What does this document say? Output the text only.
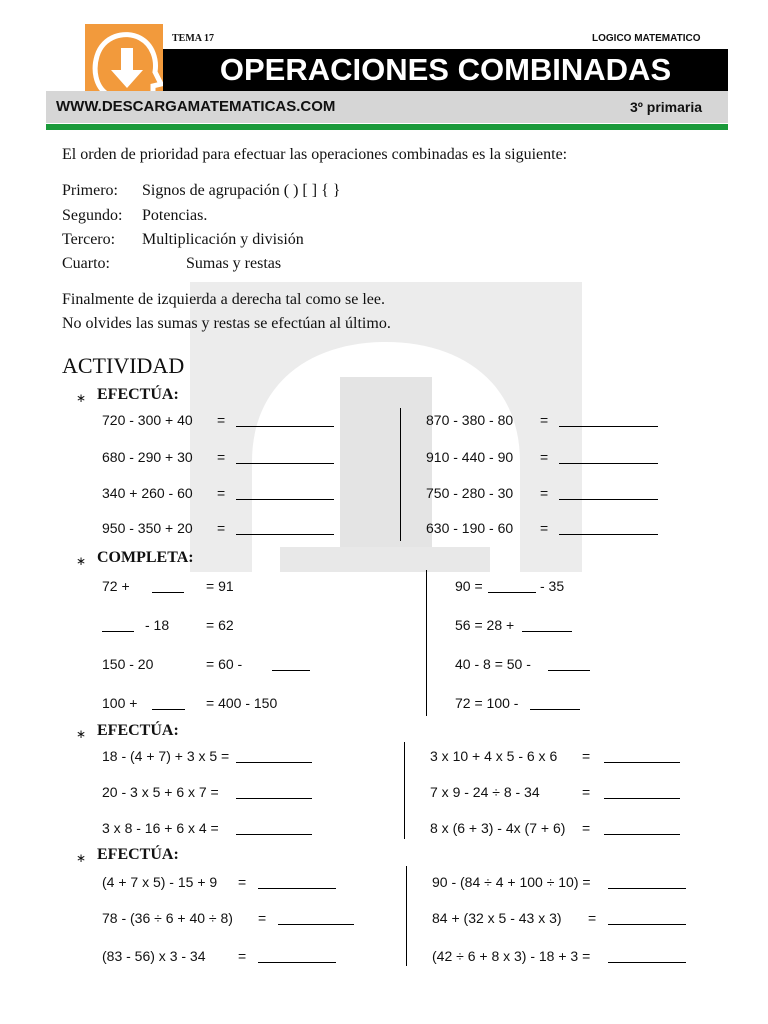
TEMA 17	LOGICO MATEMATICO
OPERACIONES COMBINADAS
WWW.DESCARGAMATEMATICAS.COM	3º primaria
El orden de prioridad para efectuar las operaciones combinadas es la siguiente:
Primero: Signos de agrupación ( ) [ ] { }
Segundo: Potencias.
Tercero: Multiplicación y división
Cuarto:	Sumas y restas
Finalmente de izquierda a derecha tal como se lee.
No olvides las sumas y restas se efectúan al último.
ACTIVIDAD
∗ EFECTÚA:
720 - 300 + 40 =
680 - 290 + 30 =
340 + 260 - 60 =
950 - 350 + 20 =
870 - 380 - 80 =
910 - 440 - 90 =
750 - 280 - 30 =
630 - 190 - 60 =
∗ COMPLETA:
72 +	= 91
- 18	= 62
150 - 20	= 60 -
100 +	= 400 - 150
90 =	- 35
56 = 28 +
40 - 8 = 50 -
72 = 100 -
∗ EFECTÚA:
18 - (4 + 7) + 3 x 5 =
20 - 3 x 5 + 6 x 7 =
3 x 8 - 16 + 6 x 4 =
3 x 10 + 4 x 5 - 6 x 6 =
7 x 9 - 24 ÷ 8 - 34	=
8 x (6 + 3) - 4x (7 + 6) =
∗ EFECTÚA:
(4 + 7 x 5) - 15 + 9 =
78 - (36 ÷ 6 + 40 ÷ 8) =
(83 - 56) x 3 - 34 =
90 - (84 ÷ 4 + 100 ÷ 10) =
84 + (32 x 5 - 43 x 3) =
(42 ÷ 6 + 8 x 3) - 18 + 3 =
